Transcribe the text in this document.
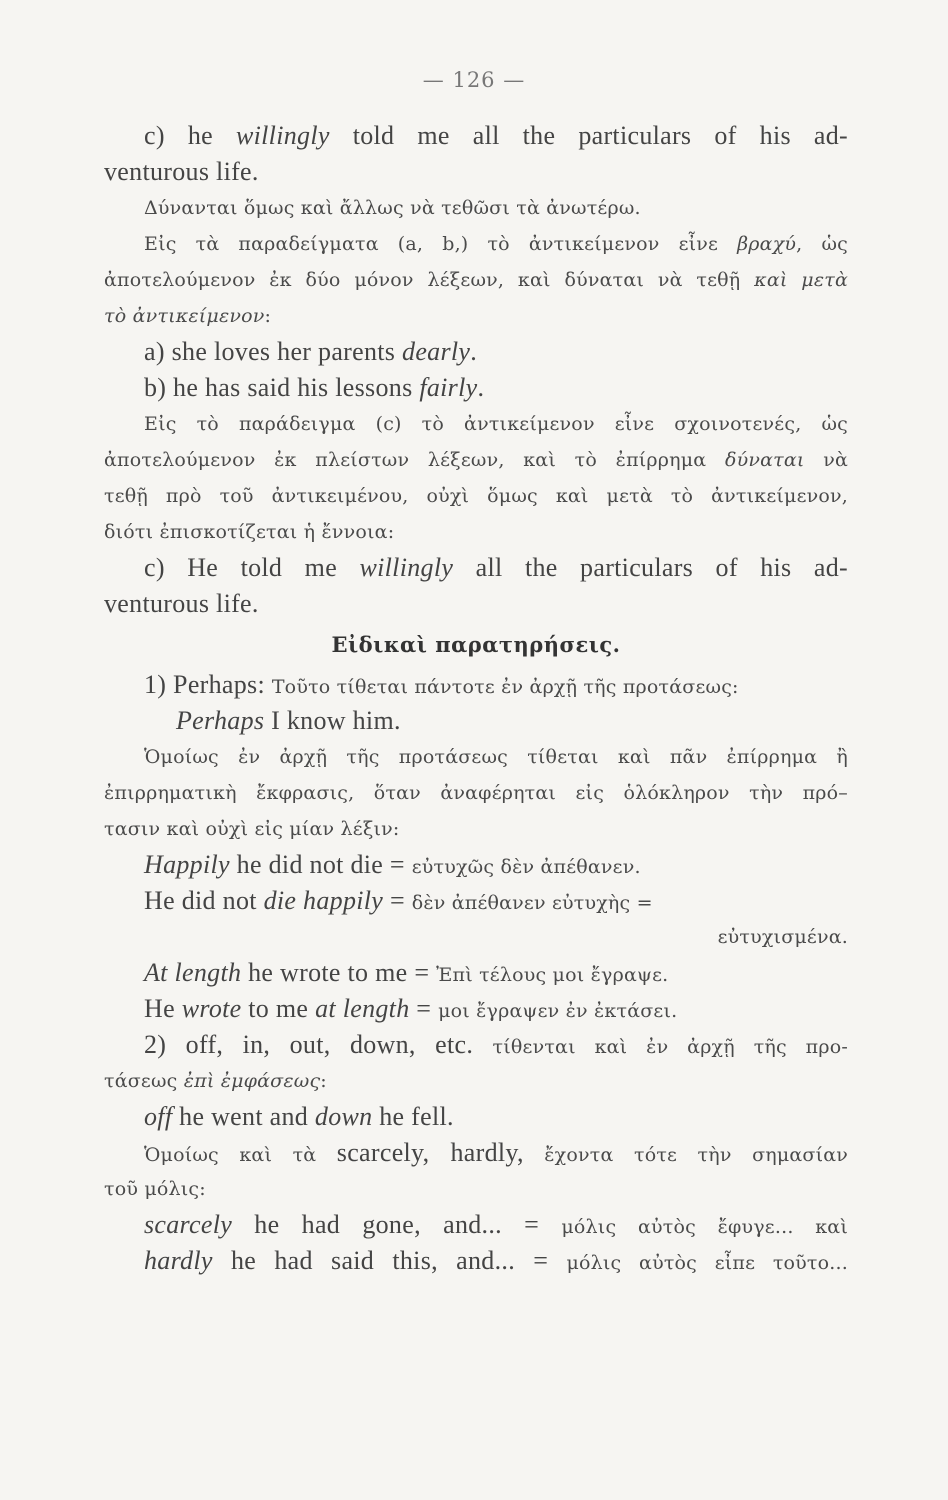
— 126 —
c) he willingly told me all the particulars of his ad-
venturous life.
Δύνανται ὅμως καὶ ἄλλως νὰ τεθῶσι τὰ ἀνωτέρω.
Εἰς τὰ παραδείγματα (a, b,) τὸ ἀντικείμενον εἶνε βραχύ, ὡς
ἀποτελούμενον ἐκ δύο μόνον λέξεων, καὶ δύναται νὰ τεθῇ καὶ μετὰ
τὸ ἀντικείμενον:
a) she loves her parents dearly.
b) he has said his lessons fairly.
Εἰς τὸ παράδειγμα (c) τὸ ἀντικείμενον εἶνε σχοινοτενές, ὡς
ἀποτελούμενον ἐκ πλείστων λέξεων, καὶ τὸ ἐπίρρημα δύναται νὰ
τεθῇ πρὸ τοῦ ἀντικειμένου, οὐχὶ ὅμως καὶ μετὰ τὸ ἀντικείμενον,
διότι ἐπισκοτίζεται ἡ ἔννοια:
c) He told me willingly all the particulars of his ad-
venturous life.
Εἰδικαὶ παρατηρήσεις.
1) Perhaps: Τοῦτο τίθεται πάντοτε ἐν ἀρχῇ τῆς προτάσεως:
Perhaps I know him.
Ὁμοίως ἐν ἀρχῇ τῆς προτάσεως τίθεται καὶ πᾶν ἐπίρρημα ἢ
ἐπιρρηματικὴ ἔκφρασις, ὅταν ἀναφέρηται εἰς ὁλόκληρον τὴν πρό–
τασιν καὶ οὐχὶ εἰς μίαν λέξιν:
Happily he did not die = εὐτυχῶς δὲν ἀπέθανεν.
He did not die happily = δὲν ἀπέθανεν εὐτυχὴς =
εὐτυχισμένα.
At length he wrote to me = Ἐπὶ τέλους μοι ἔγραψε.
He wrote to me at length = μοι ἔγραψεν ἐν ἐκτάσει.
2) off, in, out, down, etc. τίθενται καὶ ἐν ἀρχῇ τῆς προ-
τάσεως ἐπὶ ἐμφάσεως:
off he went and down he fell.
Ὁμοίως καὶ τὰ scarcely, hardly, ἔχοντα τότε τὴν σημασίαν
τοῦ μόλις:
scarcely he had gone, and... = μόλις αὐτὸς ἔφυγε... καὶ
hardly he had said this, and... = μόλις αὐτὸς εἶπε τοῦτο...
